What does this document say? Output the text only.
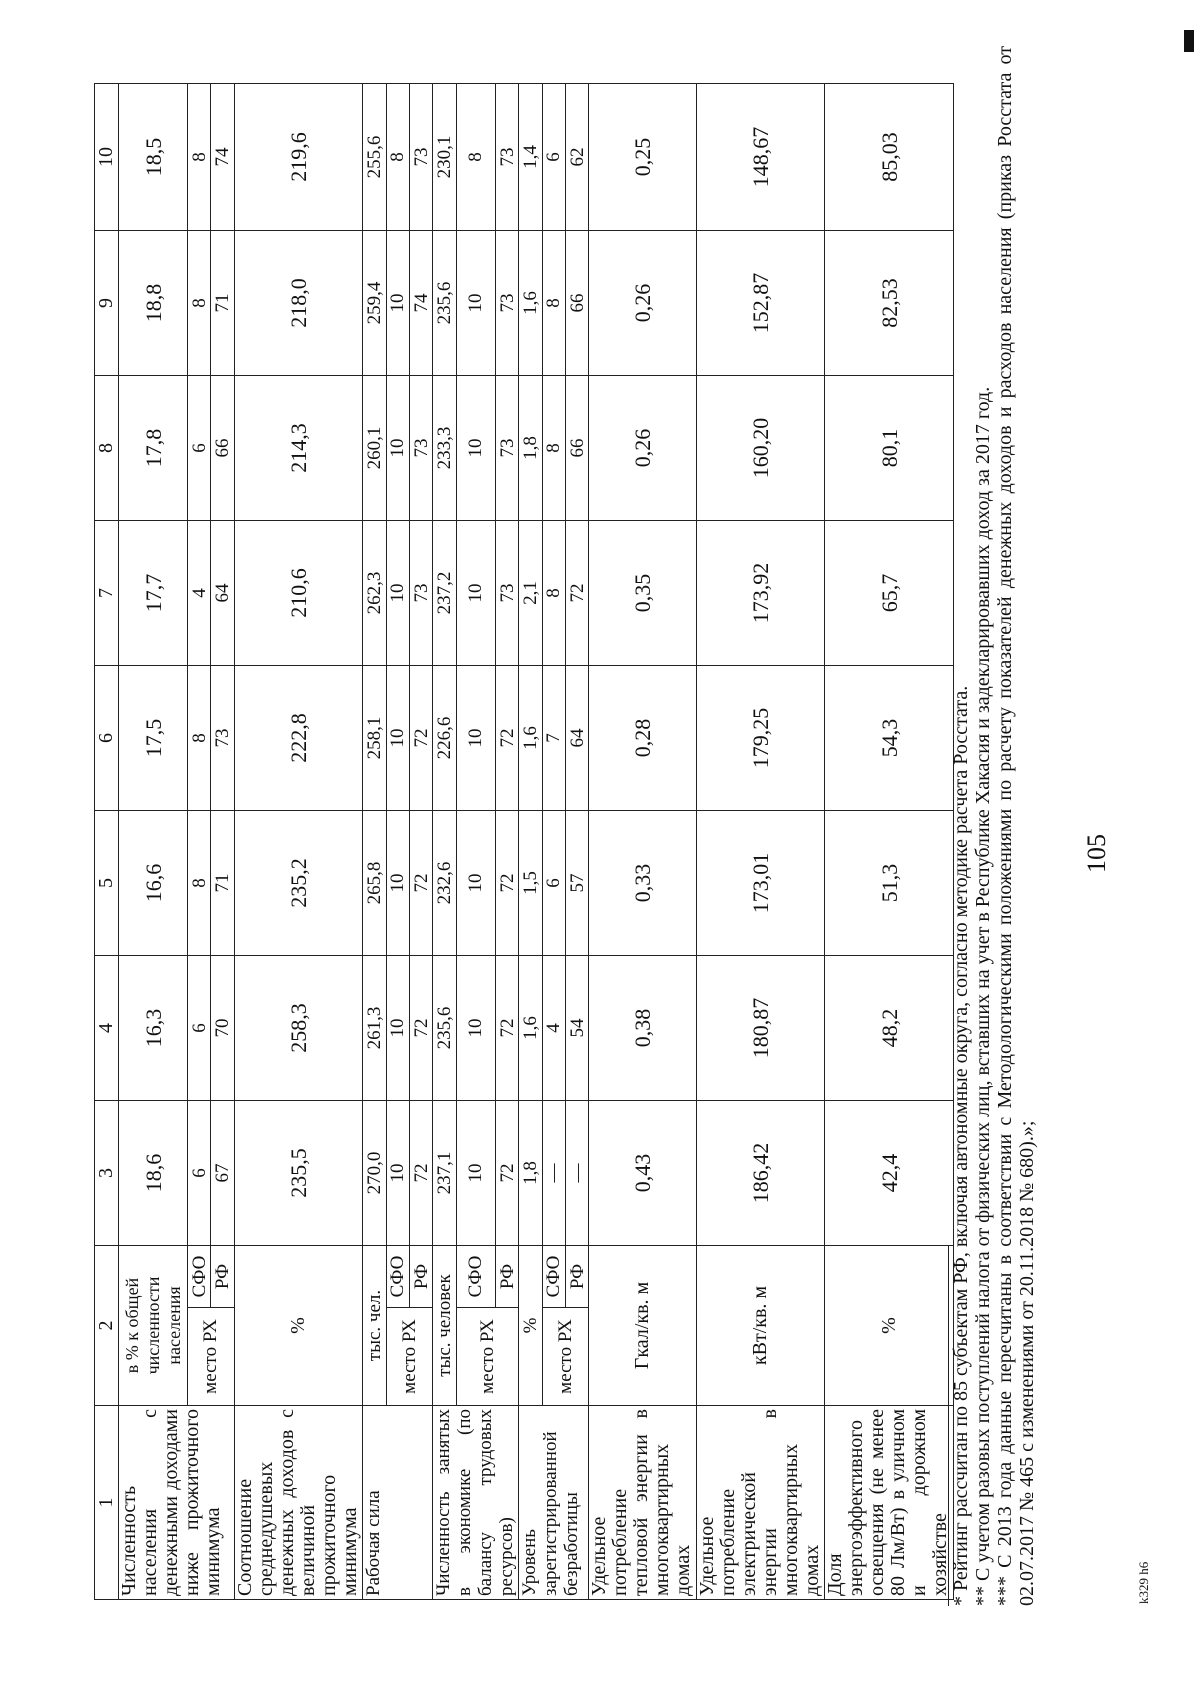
105
1	2		3	4	5	6	7	8	9	10
Численность населения с денежными доходами ниже прожиточного минимума	в % к общей численности населения		18,6	16,3	16,6	17,5	17,7	17,8	18,8	18,5
	место РХ	СФО	6	6	8	8	4	6	8	8
		РФ	67	70	71	73	64	66	71	74
Соотношение среднедушевых денежных доходов с величиной прожиточного минимума	%		235,5	258,3	235,2	222,8	210,6	214,3	218,0	219,6
Рабочая сила	тыс. чел.		270,0	261,3	265,8	258,1	262,3	260,1	259,4	255,6
	место РХ	СФО	10	10	10	10	10	10	10	8
		РФ	72	72	72	72	73	73	74	73
Численность занятых в экономике (по балансу трудовых ресурсов)	тыс. человек		237,1	235,6	232,6	226,6	237,2	233,3	235,6	230,1
	место РХ	СФО	10	10	10	10	10	10	10	8
		РФ	72	72	72	72	73	73	73	73
Уровень зарегистрированной безработицы	%		1,8	1,6	1,5	1,6	2,1	1,8	1,6	1,4
	место РХ	СФО	—	4	6	7	8	8	8	6
		РФ	—	54	57	64	72	66	66	62
Удельное потребление тепловой энергии в многоквартирных домах	Гкал/кв. м		0,43	0,38	0,33	0,28	0,35	0,26	0,26	0,25
Удельное потребление электрической энергии в многоквартирных домах	кВт/кв. м		186,42	180,87	173,01	179,25	173,92	160,20	152,87	148,67
Доля энергоэффективного освещения (не менее 80 Лм/Вт) в уличном и дорожном хозяйстве	%		42,4	48,2	51,3	54,3	65,7	80,1	82,53	85,03

* Рейтинг рассчитан по 85 субъектам РФ, включая автономные округа, согласно методике расчета Росстата. ** С учетом разовых поступлений налога от физических лиц, вставших на учет в Республике Хакасия и задекларировавших доход за 2017 год. *** С 2013 года данные пересчитаны в соответствии с Методологическими положениями по расчету показателей денежных доходов и расходов населения (приказ Росстата от 02.07.2017 № 465 с изменениями от 20.11.2018 № 680).»;	k329 h6
